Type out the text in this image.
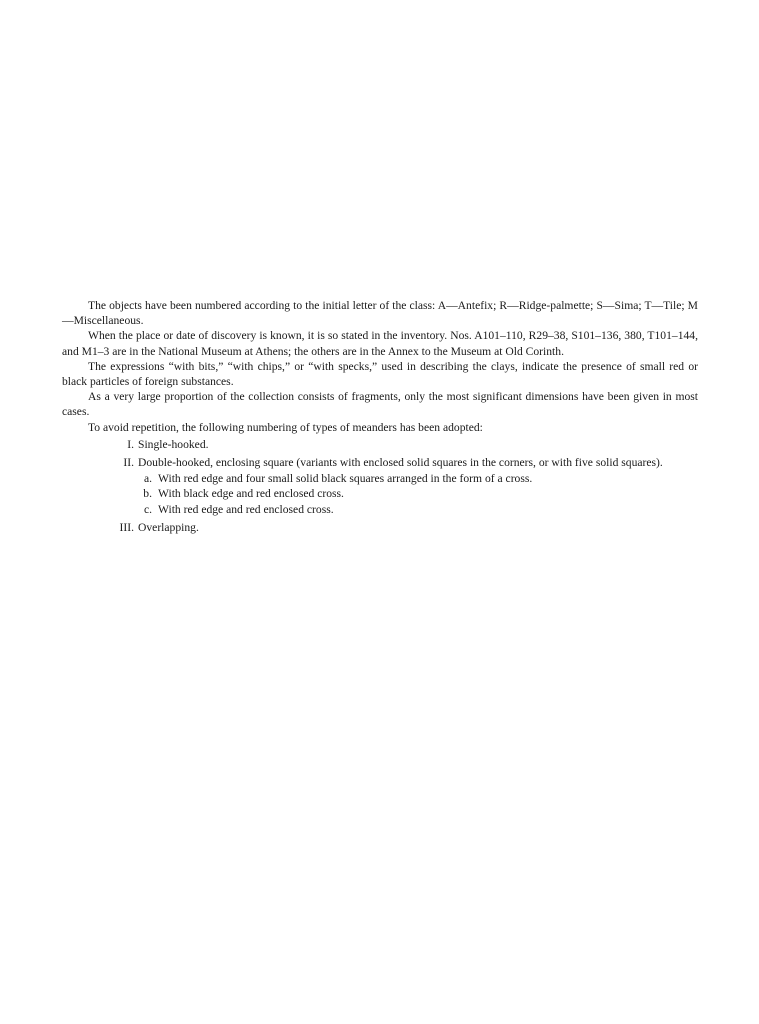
The objects have been numbered according to the initial letter of the class: A—Antefix; R—Ridge-palmette; S—Sima; T—Tile; M—Miscellaneous.

When the place or date of discovery is known, it is so stated in the inventory. Nos. A101–110, R29–38, S101–136, 380, T101–144, and M1–3 are in the National Museum at Athens; the others are in the Annex to the Museum at Old Corinth.

The expressions “with bits,” “with chips,” or “with specks,” used in describing the clays, indicate the presence of small red or black particles of foreign substances.

As a very large proportion of the collection consists of fragments, only the most significant dimensions have been given in most cases.

To avoid repetition, the following numbering of types of meanders has been adopted:

I. Single-hooked.
II. Double-hooked, enclosing square (variants with enclosed solid squares in the corners, or with five solid squares).
a. With red edge and four small solid black squares arranged in the form of a cross.
b. With black edge and red enclosed cross.
c. With red edge and red enclosed cross.
III. Overlapping.
